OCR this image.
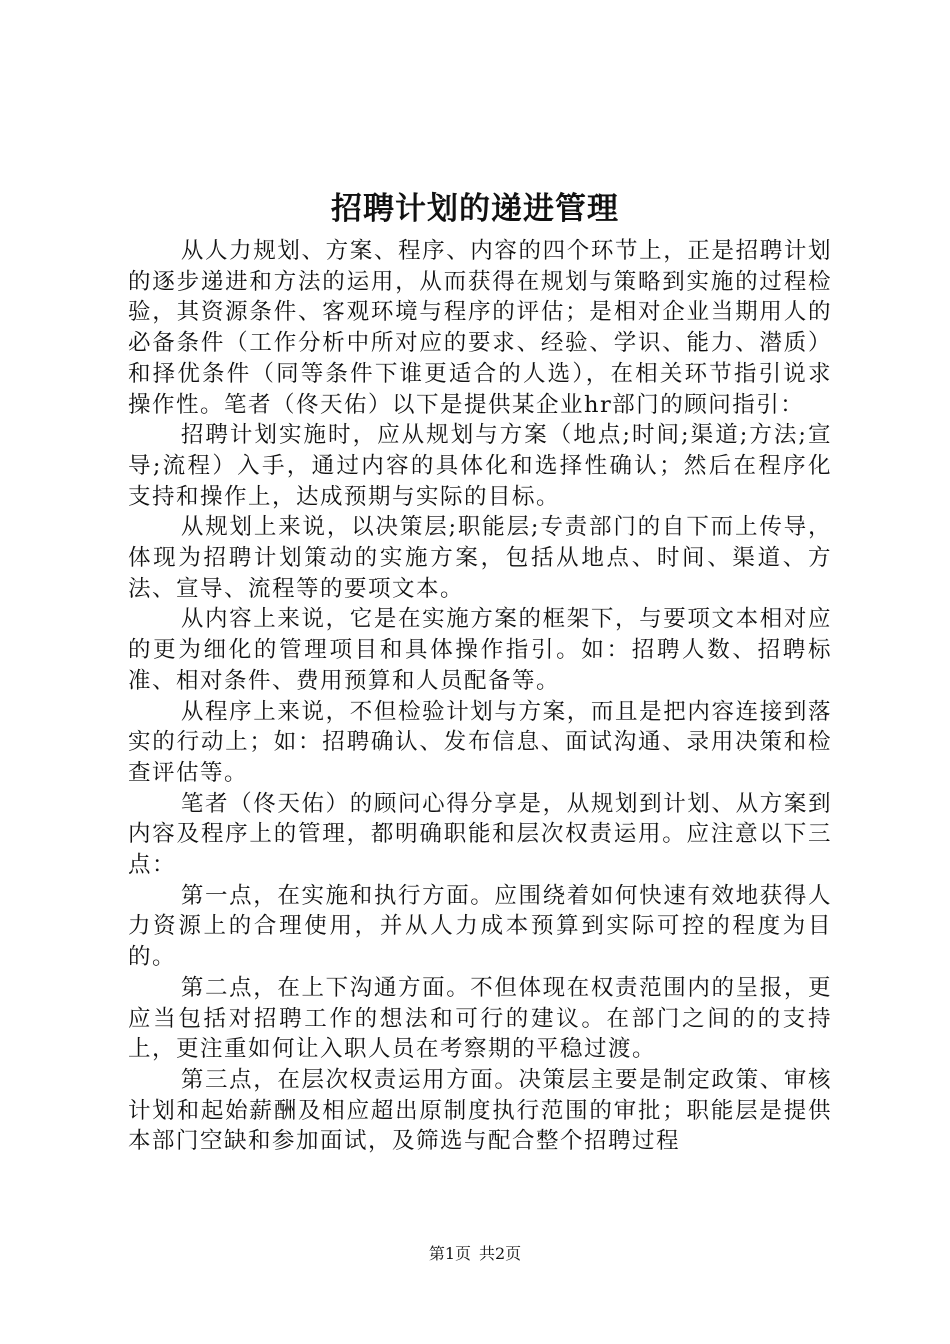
招聘计划的递进管理

从人力规划、方案、程序、内容的四个环节上，正是招聘计划的逐步递进和方法的运用，从而获得在规划与策略到实施的过程检验，其资源条件、客观环境与程序的评估；是相对企业当期用人的必备条件（工作分析中所对应的要求、经验、学识、能力、潜质）和择优条件（同等条件下谁更适合的人选），在相关环节指引说求操作性。笔者（佟天佑）以下是提供某企业hr部门的顾问指引：

招聘计划实施时，应从规划与方案（地点;时间;渠道;方法;宣导;流程）入手，通过内容的具体化和选择性确认；然后在程序化支持和操作上，达成预期与实际的目标。

从规划上来说，以决策层;职能层;专责部门的自下而上传导，体现为招聘计划策动的实施方案，包括从地点、时间、渠道、方法、宣导、流程等的要项文本。

从内容上来说，它是在实施方案的框架下，与要项文本相对应的更为细化的管理项目和具体操作指引。如：招聘人数、招聘标准、相对条件、费用预算和人员配备等。

从程序上来说，不但检验计划与方案，而且是把内容连接到落实的行动上；如：招聘确认、发布信息、面试沟通、录用决策和检查评估等。

笔者（佟天佑）的顾问心得分享是，从规划到计划、从方案到内容及程序上的管理，都明确职能和层次权责运用。应注意以下三点：

第一点，在实施和执行方面。应围绕着如何快速有效地获得人力资源上的合理使用，并从人力成本预算到实际可控的程度为目的。

第二点，在上下沟通方面。不但体现在权责范围内的呈报，更应当包括对招聘工作的想法和可行的建议。在部门之间的的支持上，更注重如何让入职人员在考察期的平稳过渡。

第三点，在层次权责运用方面。决策层主要是制定政策、审核计划和起始薪酬及相应超出原制度执行范围的审批；职能层是提供本部门空缺和参加面试，及筛选与配合整个招聘过程

第1页 共2页
